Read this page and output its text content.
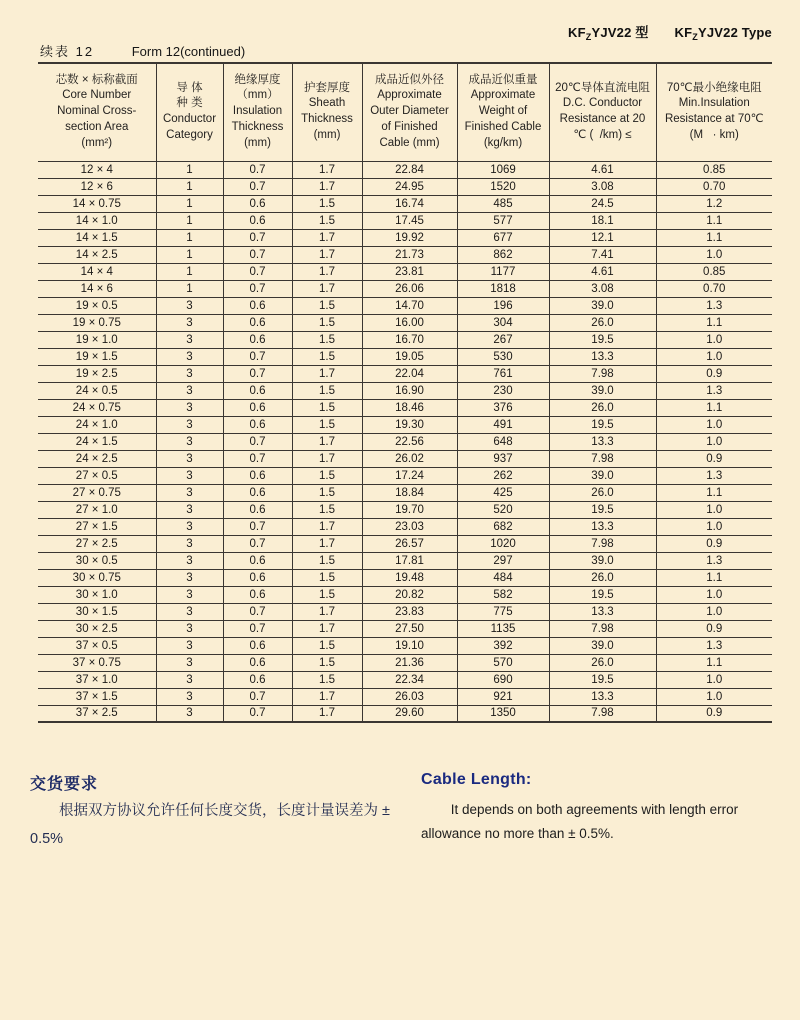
$KF_ZYJV22$ 型 $KF_ZYJV22$ Type
续表 12	Form 12(continued)
芯数 × 标称截面
Core Number
Nominal Cross-
section Area
(mm²)	导 体
种 类
Conductor
Category	绝缘厚度
（mm）
Insulation
Thickness
(mm)	护套厚度
Sheath
Thickness
(mm)	成品近似外径
Approximate
Outer Diameter
of Finished
Cable (mm)	成品近似重量
Approximate
Weight of
Finished Cable
(kg/km)	20℃导体直流电阻
D.C. Conductor
Resistance at 20
℃ (  /km) ≤	70℃最小绝缘电阻
Min.Insulation
Resistance at 70℃
(M   · km)

12 × 4	1	0.7	1.7	22.84	1069	4.61	0.85
12 × 6	1	0.7	1.7	24.95	1520	3.08	0.70
14 × 0.75	1	0.6	1.5	16.74	485	24.5	1.2
14 × 1.0	1	0.6	1.5	17.45	577	18.1	1.1
14 × 1.5	1	0.7	1.7	19.92	677	12.1	1.1
14 × 2.5	1	0.7	1.7	21.73	862	7.41	1.0
14 × 4	1	0.7	1.7	23.81	1177	4.61	0.85
14 × 6	1	0.7	1.7	26.06	1818	3.08	0.70
19 × 0.5	3	0.6	1.5	14.70	196	39.0	1.3
19 × 0.75	3	0.6	1.5	16.00	304	26.0	1.1
19 × 1.0	3	0.6	1.5	16.70	267	19.5	1.0
19 × 1.5	3	0.7	1.5	19.05	530	13.3	1.0
19 × 2.5	3	0.7	1.7	22.04	761	7.98	0.9
24 × 0.5	3	0.6	1.5	16.90	230	39.0	1.3
24 × 0.75	3	0.6	1.5	18.46	376	26.0	1.1
24 × 1.0	3	0.6	1.5	19.30	491	19.5	1.0
24 × 1.5	3	0.7	1.7	22.56	648	13.3	1.0
24 × 2.5	3	0.7	1.7	26.02	937	7.98	0.9
27 × 0.5	3	0.6	1.5	17.24	262	39.0	1.3
27 × 0.75	3	0.6	1.5	18.84	425	26.0	1.1
27 × 1.0	3	0.6	1.5	19.70	520	19.5	1.0
27 × 1.5	3	0.7	1.7	23.03	682	13.3	1.0
27 × 2.5	3	0.7	1.7	26.57	1020	7.98	0.9
30 × 0.5	3	0.6	1.5	17.81	297	39.0	1.3
30 × 0.75	3	0.6	1.5	19.48	484	26.0	1.1
30 × 1.0	3	0.6	1.5	20.82	582	19.5	1.0
30 × 1.5	3	0.7	1.7	23.83	775	13.3	1.0
30 × 2.5	3	0.7	1.7	27.50	1135	7.98	0.9
37 × 0.5	3	0.6	1.5	19.10	392	39.0	1.3
37 × 0.75	3	0.6	1.5	21.36	570	26.0	1.1
37 × 1.0	3	0.6	1.5	22.34	690	19.5	1.0
37 × 1.5	3	0.7	1.7	26.03	921	13.3	1.0
37 × 2.5	3	0.7	1.7	29.60	1350	7.98	0.9
交货要求
根据双方协议允许任何长度交货，长度计量误差为 ± 0.5%
Cable Length:
It depends on both agreements with length error allowance no more than ± 0.5%.
